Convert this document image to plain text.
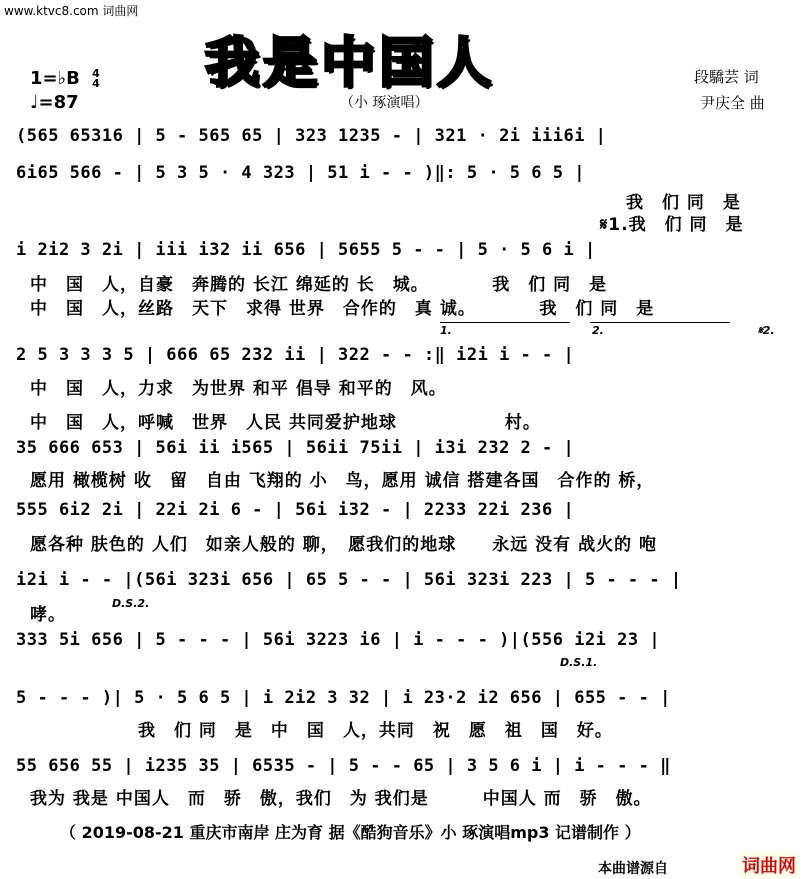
www.ktvc8.com 词曲网
我是中国人
1=♭B 4
4
♩=87	（小 琢演唱）
段驕芸 词
尹庆全 曲
(565 65316 | 5 - 565 65 | 323 1235 - | 321 · 2i iii6i |
6i65 566 - | 5 3 5 · 4 323 | 51 i - - )‖: 5 · 5 6 5 |
我　们 同　是
𝄋1.我　们 同　是
i 2i2 3 2i | iii i32 ii 656 | 5655 5 - - | 5 · 5 6 i |
中　国　人，自豪　奔腾的 长江 绵延的 长　城。　　　　我　们 同　是
中　国　人，丝路　天下　求得 世界　合作的　真 诚。　　　　我　们 同　是
1.	2.	𝄋2.
2 5 3 3 3 5 | 666 65 232 ii | 322 - - :‖ i2i i - - |
中　国　人，力求　为世界 和平 倡导 和平的　风。
中　国　人，呼喊　世界　人民 共同爱护地球　　　　　　村。
35 666 653 | 56i ii i565 | 56ii 75ii | i3i 232 2 - |
愿用 橄榄树 收　留　自由 飞翔的 小　鸟，愿用 诚信 搭建各国　合作的 桥，
555 6i2 2i | 22i 2i 6 - | 56i i32 - | 2233 22i 236 |
愿各种 肤色的 人们　如亲人般的 聊，　愿我们的地球　　永远 没有 战火的 咆
i2i i - - |(56i 323i 656 | 65 5 - - | 56i 323i 223 | 5 - - - |
哮。
D.S.2.
333 5i 656 | 5 - - - | 56i 3223 i6 | i - - - )|(556 i2i 23 |
D.S.1.
5 - - - )| 5 · 5 6 5 | i 2i2 3 32 | i 23·2 i2 656 | 655 - - |
　　　　　　我　们 同　是　中　国　人，共同　祝　愿　祖　国　好。
55 656 55 | i235 35 | 6535 - | 5 - - 65 | 3 5 6 i | i - - - ‖
我为 我是 中国人　而　骄　傲，我们　为 我们是　　　中国人 而　骄　傲。
（ 2019-08-21 重庆市南岸 庄为育 据《酷狗音乐》小 琢演唱mp3 记谱制作 ）
本曲谱源自	词曲网
